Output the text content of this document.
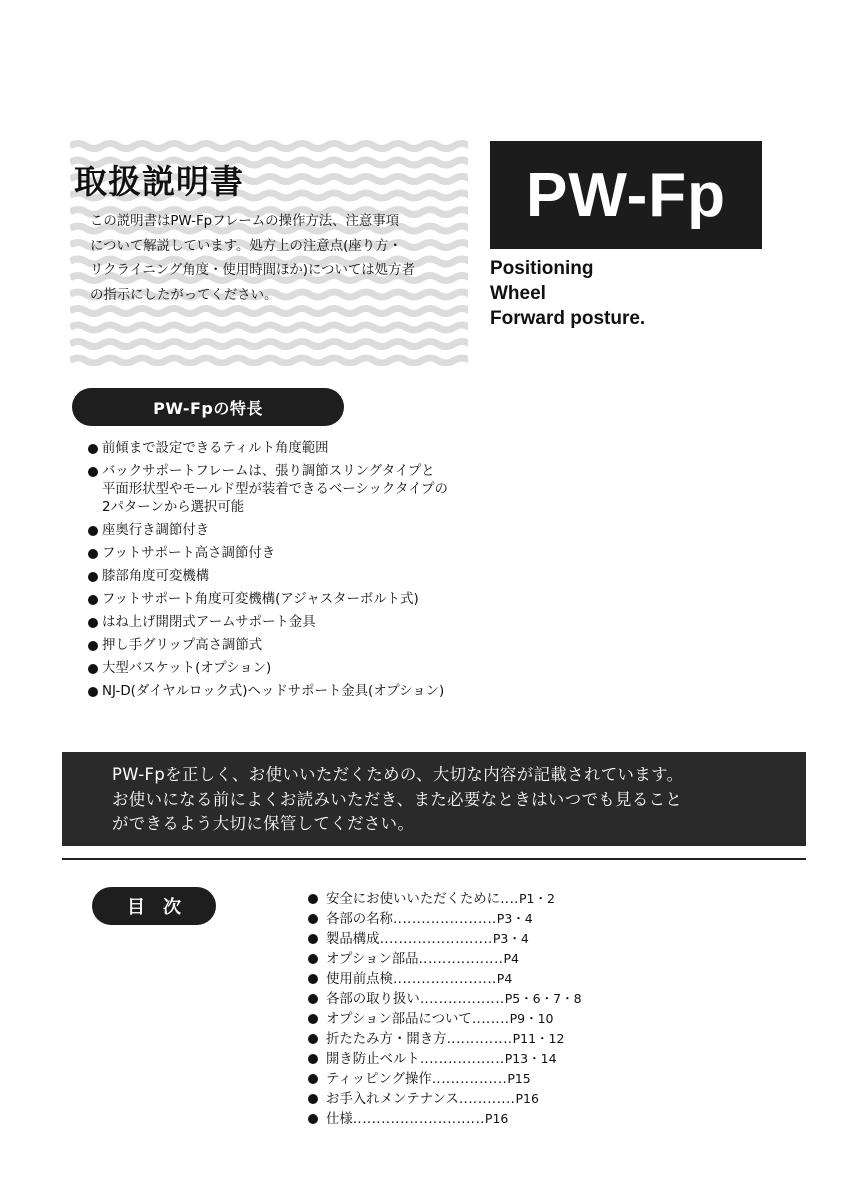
取扱説明書
この説明書はPW-Fpフレームの操作方法、注意事項
について解説しています。処方上の注意点(座り方・
リクライニング角度・使用時間ほか)については処方者
の指示にしたがってください。
PW-Fp
Positioning
Wheel
Forward posture.
PW-Fpの特長
前傾まで設定できるティルト角度範囲
バックサポートフレームは、張り調節スリングタイプと
平面形状型やモールド型が装着できるベーシックタイプの
2パターンから選択可能
座奥行き調節付き
フットサポート高さ調節付き
膝部角度可変機構
フットサポート角度可変機構(アジャスターボルト式)
はね上げ開閉式アームサポート金具
押し手グリップ高さ調節式
大型バスケット(オプション)
NJ-D(ダイヤルロック式)ヘッドサポート金具(オプション)
PW-Fpを正しく、お使いいただくための、大切な内容が記載されています。
お使いになる前によくお読みいただき、また必要なときはいつでも見ること
ができるよう大切に保管してください。
目次	安全にお使いいただくために‥‥P1・2
各部の名称‥‥‥‥‥‥‥‥‥‥‥P3・4
製品構成‥‥‥‥‥‥‥‥‥‥‥‥P3・4
オプション部品‥‥‥‥‥‥‥‥‥P4
使用前点検‥‥‥‥‥‥‥‥‥‥‥P4
各部の取り扱い‥‥‥‥‥‥‥‥‥P5・6・7・8
オプション部品について‥‥‥‥P9・10
折たたみ方・開き方‥‥‥‥‥‥‥P11・12
開き防止ベルト‥‥‥‥‥‥‥‥‥P13・14
ティッピング操作‥‥‥‥‥‥‥‥P15
お手入れメンテナンス‥‥‥‥‥‥P16
仕様‥‥‥‥‥‥‥‥‥‥‥‥‥‥P16
